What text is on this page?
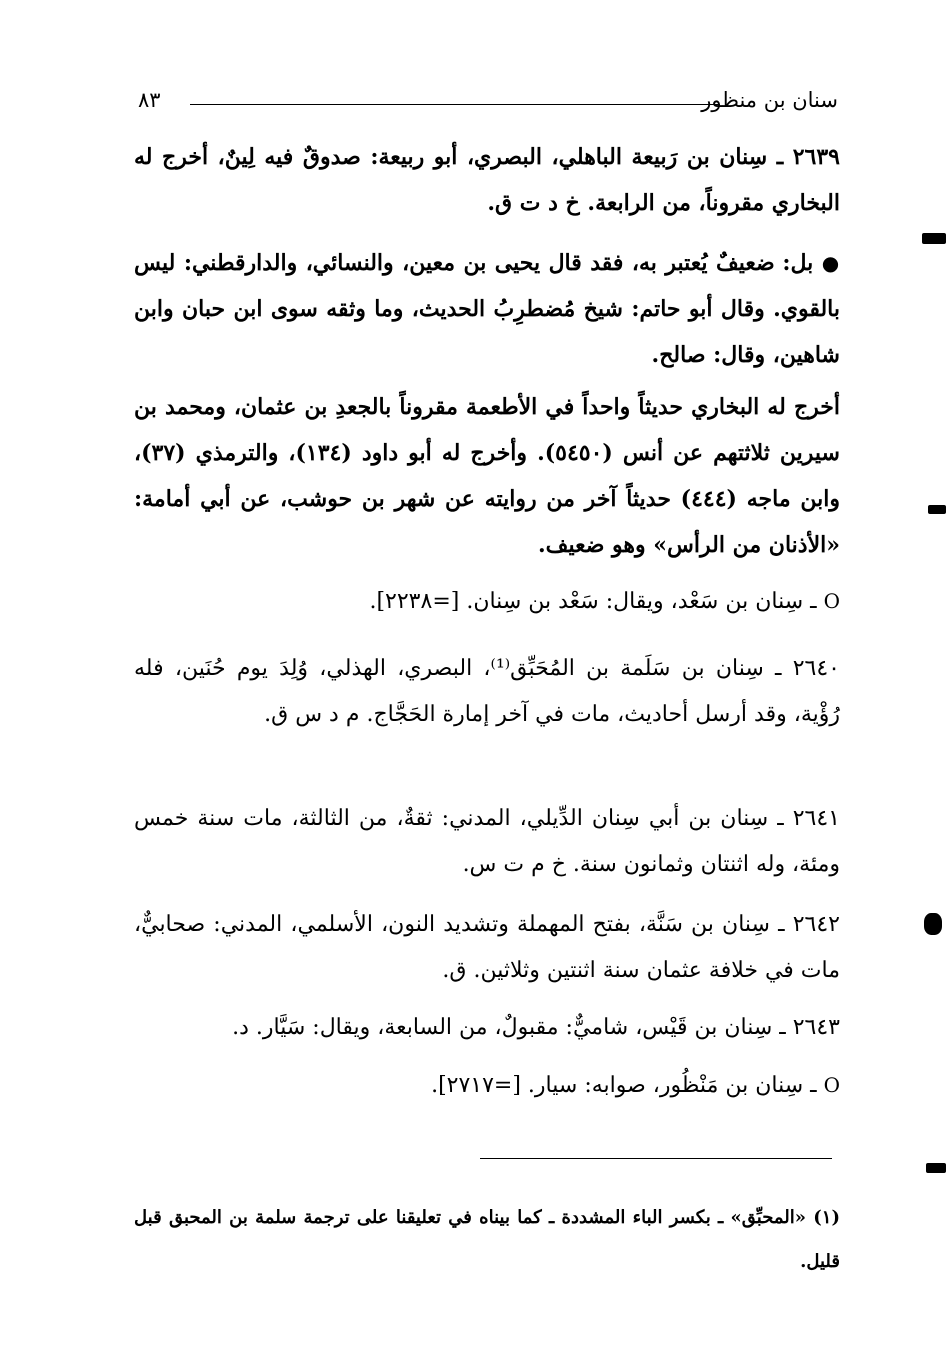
سنان بن منظور
٨٣
٢٦٣٩ ـ سِنان بن رَبيعة الباهلي، البصري، أبو ربيعة: صدوقٌ فيه لِينٌ، أخرج له البخاري مقروناً، من الرابعة. خ د ت ق.
● بل: ضعيفٌ يُعتبر به، فقد قال يحيى بن معين، والنسائي، والدارقطني: ليس بالقوي. وقال أبو حاتم: شيخ مُضطرِبُ الحديث، وما وثقه سوى ابن حبان وابن شاهين، وقال: صالح.
أخرج له البخاري حديثاً واحداً في الأطعمة مقروناً بالجعدِ بن عثمان، ومحمد بن سيرين ثلاثتهم عن أنس (٥٤٥٠). وأخرج له أبو داود (١٣٤)، والترمذي (٣٧)، وابن ماجه (٤٤٤) حديثاً آخر من روايته عن شهر بن حوشب، عن أبي أمامة: «الأذنان من الرأس» وهو ضعيف.
O ـ سِنان بن سَعْد، ويقال: سَعْد بن سِنان. [=٢٢٣٨].
٢٦٤٠ ـ سِنان بن سَلَمة بن المُحَبِّق⁽¹⁾، البصري، الهذلي، وُلِدَ يوم حُنَين، فله رُؤْية، وقد أرسل أحاديث، مات في آخر إمارة الحَجَّاج. م د س ق.
٢٦٤١ ـ سِنان بن أبي سِنان الدِّيلي، المدني: ثقةٌ، من الثالثة، مات سنة خمس ومئة، وله اثنتان وثمانون سنة. خ م ت س.
٢٦٤٢ ـ سِنان بن سَنَّة، بفتح المهملة وتشديد النون، الأسلمي، المدني: صحابيٌّ، مات في خلافة عثمان سنة اثنتين وثلاثين. ق.
٢٦٤٣ ـ سِنان بن قَيْس، شاميٌّ: مقبولٌ، من السابعة، ويقال: سَيَّار. د.
O ـ سِنان بن مَنْظُور، صوابه: سيار. [=٢٧١٧].
(١) «المحبِّق» ـ بكسر الباء المشددة ـ كما بيناه في تعليقنا على ترجمة سلمة بن المحبق قبل قليل.
